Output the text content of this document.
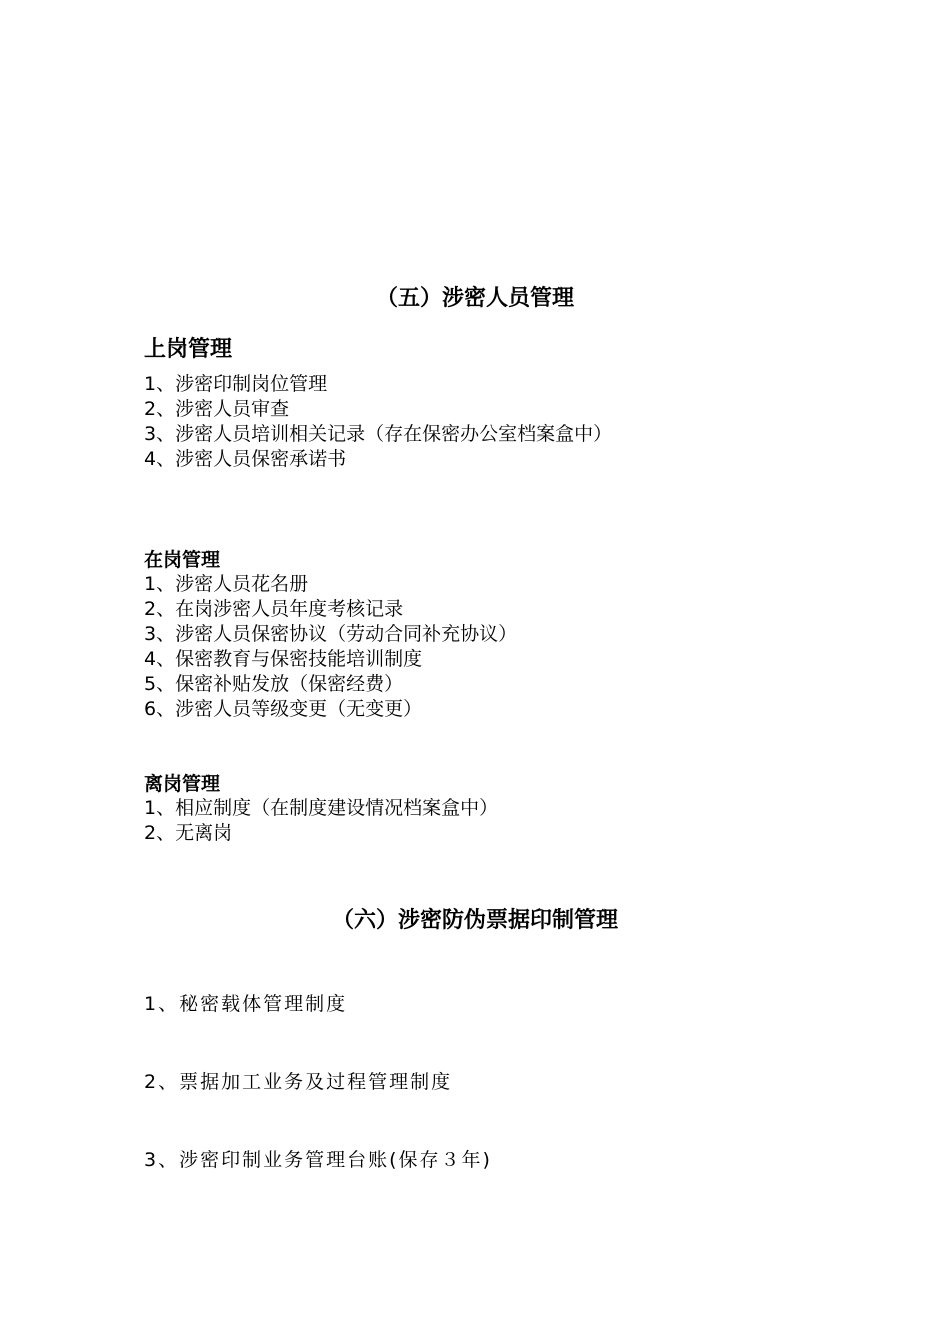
（五）涉密人员管理
上岗管理
1、涉密印制岗位管理
2、涉密人员审查
3、涉密人员培训相关记录（存在保密办公室档案盒中）
4、涉密人员保密承诺书
在岗管理
1、涉密人员花名册
2、在岗涉密人员年度考核记录
3、涉密人员保密协议（劳动合同补充协议）
4、保密教育与保密技能培训制度
5、保密补贴发放（保密经费）
6、涉密人员等级变更（无变更）
离岗管理
1、相应制度（在制度建设情况档案盒中）
2、无离岗
（六）涉密防伪票据印制管理
1、秘密载体管理制度
2、票据加工业务及过程管理制度
3、涉密印制业务管理台账(保存３年)
